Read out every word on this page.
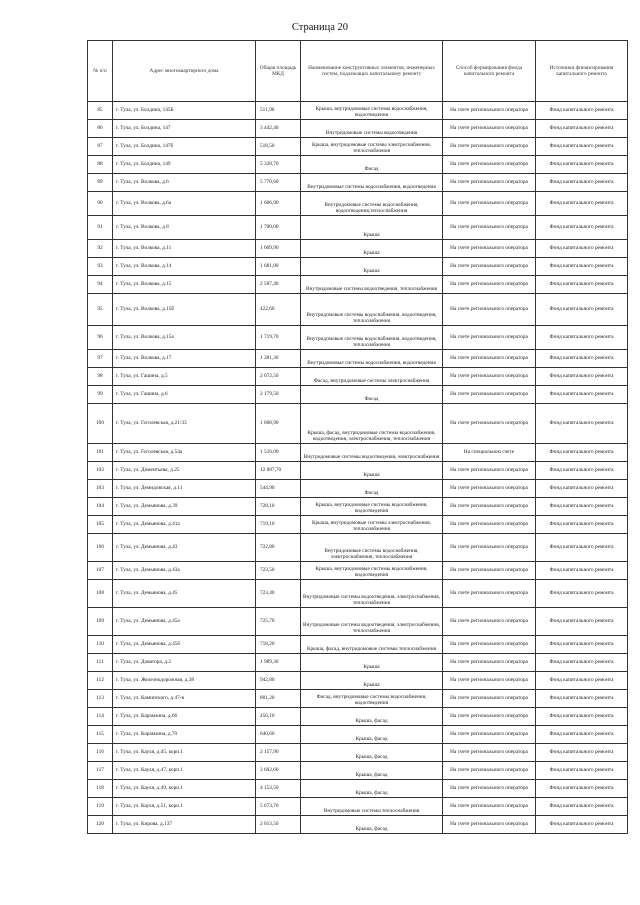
Страница 20
№ п/п	Адрес многоквартирного дома	Общая площадь МКД	Наименование конструктивных элементов, инженерных систем, подлежащих капитальному ремонту	Способ формирования фонда капитального ремонта	Источники финансирования капитального ремонта
85	г. Тула, ул. Болдина, 145Б	511,90	Крыша, внутридомовые системы водоснабжения, водоотведения	На счете регионального оператора	Фонд капитального ремонта
86	г. Тула, ул. Болдина, 147	3 442,40	Внутридомовые системы водоотведения	На счете регионального оператора	Фонд капитального ремонта
87	г. Тула, ул. Болдина, 147б	518,50	Крыша, внутридомовые системы электроснабжения, теплоснабжения	На счете регионального оператора	Фонд капитального ремонта
88	г. Тула, ул. Болдина, 149	5 328,70	Фасад	На счете регионального оператора	Фонд капитального ремонта
89	г. Тула, ул. Волкова, д.6	5 770,60	Внутридомовые системы водоснабжения, водоотведения	На счете регионального оператора	Фонд капитального ремонта
90	г. Тула, ул. Волкова, д.6а	1 606,90	Внутридомовые системы водоснабжения, водоотведения,теплоснабжения	На счете регионального оператора	Фонд капитального ремонта
91	г. Тула, ул. Волкова, д.8	1 700,00	Крыша	На счете регионального оператора	Фонд капитального ремонта
92	г. Тула, ул. Волкова, д.11	1 609,90	Крыша	На счете регионального оператора	Фонд капитального ремонта
93	г. Тула, ул. Волкова, д.14	1 681,00	Крыша	На счете регионального оператора	Фонд капитального ремонта
94	г. Тула, ул. Волкова, д.15	2 587,40	Внутридомовые системы водоотведения, теплоснабжения	На счете регионального оператора	Фонд капитального ремонта
95	г. Тула, ул. Волкова, д.15б	422,60	Внутридомовые системы водоснабжения, водоотведения, теплоснабжения	На счете регионального оператора	Фонд капитального ремонта
96	г. Тула, ул. Волкова, д.15а	1 719,70	Внутридомовые системы водоснабжения, водоотведения, теплоснабжения	На счете регионального оператора	Фонд капитального ремонта
97	г. Тула, ул. Волкова, д.17	1 381,30	Внутридомовые системы водоснабжения, водоотведения	На счете регионального оператора	Фонд капитального ремонта
98	г. Тула, ул. Гашина, д.5	2 072,50	Фасад, внутридомовые системы электроснабжения	На счете регионального оператора	Фонд капитального ремонта
99	г. Тула, ул. Гашина, д.6	2 179,50	Фасад	На счете регионального оператора	Фонд капитального ремонта
100	г. Тула, ул. Гоголевская, д.21/33	1 608,90	Крыша, фасад, внутридомовые системы водоснабжения, водоотведения, электроснабжения, теплоснабжения	На счете регионального оператора	Фонд капитального ремонта
101	г. Тула, ул. Гоголевская, д.54а	1 516,00	Внутридомовые системы водоотведения, электроснабжения	На специальном счете	Фонд капитального ремонта
102	г. Тула, ул. Доментьева, д.25	12 087,70	Крыша	На счете регионального оператора	Фонд капитального ремонта
103	г. Тула, ул. Демидовская, д.11	544,90	Фасад	На счете регионального оператора	Фонд капитального ремонта
104	г. Тула, ул. Демьянова, д.39	728,10	Крыша, внутридомовые системы водоснабжения, водоотведения	На счете регионального оператора	Фонд капитального ремонта
105	г. Тула, ул. Демьянова, д.41а	719,10	Крыша, внутридомовые системы электроснабжения, теплоснабжения	На счете регионального оператора	Фонд капитального ремонта
106	г. Тула, ул. Демьянова, д.43	722,80	Внутридомовые системы водоснабжения, электроснабжения, теплоснабжения	На счете регионального оператора	Фонд капитального ремонта
107	г. Тула, ул. Демьянова, д.43а	723,50	Крыша, внутридомовые системы водоснабжения, водоотведения	На счете регионального оператора	Фонд капитального ремонта
108	г. Тула, ул. Демьянова, д.45	723,40	Внутридомовые системы водоотведения, электроснабжения, теплоснабжения	На счете регионального оператора	Фонд капитального ремонта
109	г. Тула, ул. Демьянова, д.45а	725,70	Внутридомовые системы водоотведения, электроснабжения, теплоснабжения	На счете регионального оператора	Фонд капитального ремонта
110	г. Тула, ул. Демьянова, д.45б	718,20	Крыша, фасад, внутридомовые системы теплоснабжения	На счете регионального оператора	Фонд капитального ремонта
111	г. Тула, ул. Доватора, д.2	1 989,30	Крыша	На счете регионального оператора	Фонд капитального ремонта
112	г. Тула, ул. Железнодорожная, д.38	942,80	Крыша	На счете регионального оператора	Фонд капитального ремонта
113	г. Тула, ул. Каминского, д.47-в	801,20	Фасад, внутридомовые системы водоснабжения, водоотведения	На счете регионального оператора	Фонд капитального ремонта
114	г. Тула, ул. Карамзина, д.66	456,10	Крыша, фасад	На счете регионального оператора	Фонд капитального ремонта
115	г. Тула, ул. Карамзина, д.70	640,60	Крыша, фасад	На счете регионального оператора	Фонд капитального ремонта
116	г. Тула, ул. Кауля, д.45, корп.1	2 157,90	Крыша, фасад	На счете регионального оператора	Фонд капитального ремонта
117	г. Тула, ул. Кауля, д.47, корп.1	3 602,60	Крыша, фасад	На счете регионального оператора	Фонд капитального ремонта
118	г. Тула, ул. Кауля, д.49, корп.1	4 153,50	Крыша, фасад	На счете регионального оператора	Фонд капитального ремонта
119	г. Тула, ул. Кауля, д.51, корп.1	5 673,70	Внутридомовые системы теплоснабжения	На счете регионального оператора	Фонд капитального ремонта
120	г. Тула, ул. Кирова, д.137	2 013,50	Крыша, фасад	На счете регионального оператора	Фонд капитального ремонта
